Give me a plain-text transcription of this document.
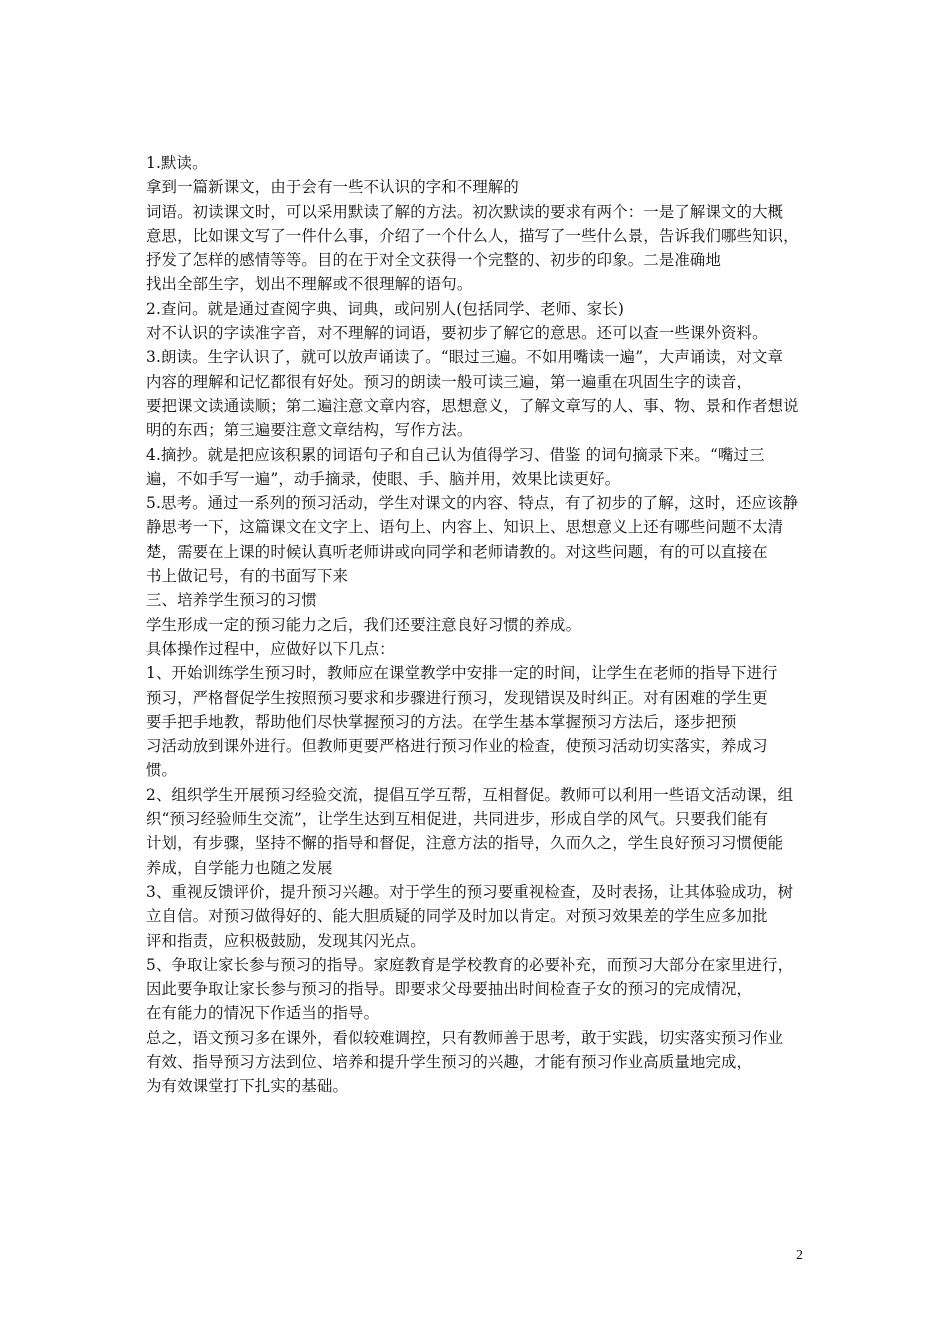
1.默读。
拿到一篇新课文，由于会有一些不认识的字和不理解的
词语。初读课文时，可以采用默读了解的方法。初次默读的要求有两个：一是了解课文的大概
意思，比如课文写了一件什么事，介绍了一个什么人，描写了一些什么景，告诉我们哪些知识，
抒发了怎样的感情等等。目的在于对全文获得一个完整的、初步的印象。二是准确地
找出全部生字，划出不理解或不很理解的语句。
2.查问。就是通过查阅字典、词典，或问别人(包括同学、老师、家长)
对不认识的字读准字音，对不理解的词语，要初步了解它的意思。还可以查一些课外资料。
3.朗读。生字认识了，就可以放声诵读了。“眼过三遍。不如用嘴读一遍”，大声诵读，对文章
内容的理解和记忆都很有好处。预习的朗读一般可读三遍，第一遍重在巩固生字的读音，
要把课文读通读顺；第二遍注意文章内容，思想意义，了解文章写的人、事、物、景和作者想说
明的东西；第三遍要注意文章结构，写作方法。
4.摘抄。就是把应该积累的词语句子和自己认为值得学习、借鉴 的词句摘录下来。“嘴过三
遍，不如手写一遍”，动手摘录，使眼、手、脑并用，效果比读更好。
5.思考。通过一系列的预习活动，学生对课文的内容、特点，有了初步的了解，这时，还应该静
静思考一下，这篇课文在文字上、语句上、内容上、知识上、思想意义上还有哪些问题不太清
楚，需要在上课的时候认真听老师讲或向同学和老师请教的。对这些问题，有的可以直接在
书上做记号，有的书面写下来
三、培养学生预习的习惯
学生形成一定的预习能力之后，我们还要注意良好习惯的养成。
具体操作过程中，应做好以下几点：
1、开始训练学生预习时，教师应在课堂教学中安排一定的时间，让学生在老师的指导下进行
预习，严格督促学生按照预习要求和步骤进行预习，发现错误及时纠正。对有困难的学生更
要手把手地教，帮助他们尽快掌握预习的方法。在学生基本掌握预习方法后，逐步把预
习活动放到课外进行。但教师更要严格进行预习作业的检查，使预习活动切实落实，养成习
惯。
2、组织学生开展预习经验交流，提倡互学互帮，互相督促。教师可以利用一些语文活动课，组
织“预习经验师生交流”，让学生达到互相促进，共同进步，形成自学的风气。只要我们能有
计划，有步骤，坚持不懈的指导和督促，注意方法的指导，久而久之，学生良好预习习惯便能
养成，自学能力也随之发展
3、重视反馈评价，提升预习兴趣。对于学生的预习要重视检查，及时表扬，让其体验成功，树
立自信。对预习做得好的、能大胆质疑的同学及时加以肯定。对预习效果差的学生应多加批
评和指责，应积极鼓励，发现其闪光点。
5、争取让家长参与预习的指导。家庭教育是学校教育的必要补充，而预习大部分在家里进行，
因此要争取让家长参与预习的指导。即要求父母要抽出时间检查子女的预习的完成情况，
在有能力的情况下作适当的指导。
总之，语文预习多在课外，看似较难调控，只有教师善于思考，敢于实践，切实落实预习作业
有效、指导预习方法到位、培养和提升学生预习的兴趣，才能有预习作业高质量地完成，
为有效课堂打下扎实的基础。
2
